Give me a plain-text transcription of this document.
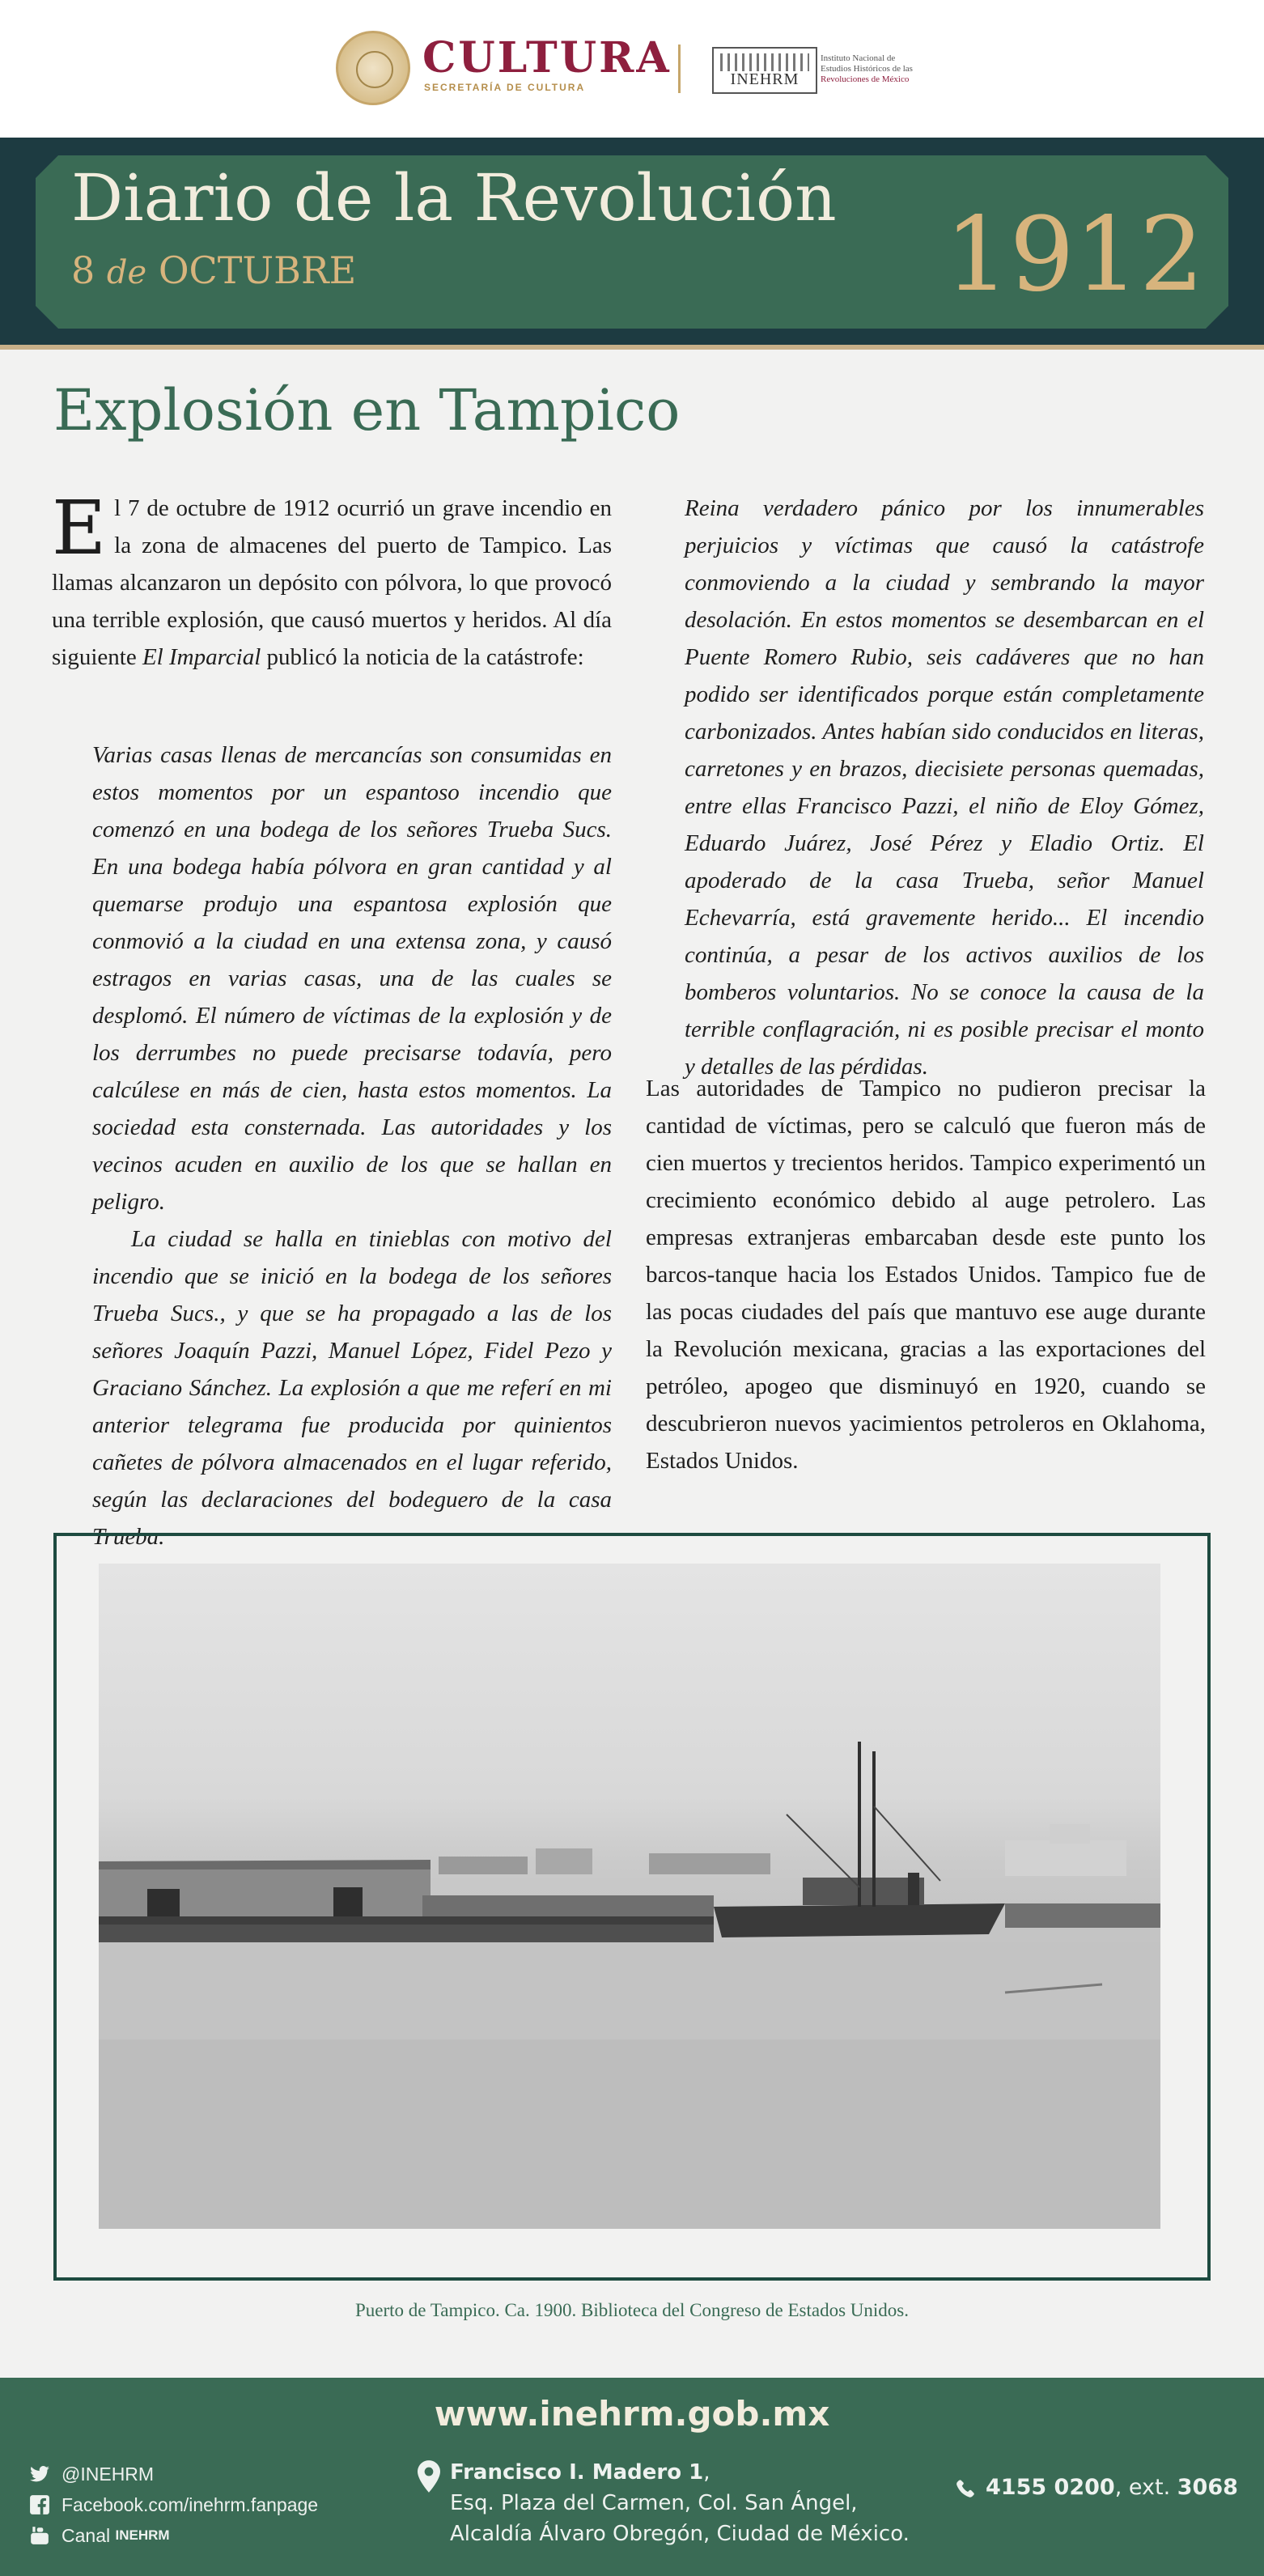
CULTURA
SECRETARÍA DE CULTURA	INEHRM
Instituto Nacional de
Estudios Históricos de las
Revoluciones de México
Diario de la Revolución
8 de OCTUBRE	1912
Explosión en Tampico

El 7 de octubre de 1912 ocurrió un grave incendio en la zona de almacenes del puerto de Tampico. Las llamas alcanzaron un depósito con pólvora, lo que provocó una terrible explosión, que causó muertos y heridos. Al día siguiente El Imparcial publicó la noticia de la catástrofe:

Varias casas llenas de mercancías son consumidas en estos momentos por un espantoso incendio que comenzó en una bodega de los señores Trueba Sucs. En una bodega había pólvora en gran cantidad y al quemarse produjo una espantosa explosión que conmovió a la ciudad en una extensa zona, y causó estragos en varias casas, una de las cuales se desplomó. El número de víctimas de la explosión y de los derrumbes no puede precisarse todavía, pero calcúlese en más de cien, hasta estos momentos. La sociedad esta consternada. Las autoridades y los vecinos acuden en auxilio de los que se hallan en peligro.

La ciudad se halla en tinieblas con motivo del incendio que se inició en la bodega de los señores Trueba Sucs., y que se ha propagado a las de los señores Joaquín Pazzi, Manuel López, Fidel Pezo y Graciano Sánchez. La explosión a que me referí en mi anterior telegrama fue producida por quinientos cañetes de pólvora almacenados en el lugar referido, según las declaraciones del bodeguero de la casa Trueba.

Reina verdadero pánico por los innumerables perjuicios y víctimas que causó la catástrofe conmoviendo a la ciudad y sembrando la mayor desolación. En estos momentos se desembarcan en el Puente Romero Rubio, seis cadáveres que no han podido ser identificados porque están completamente carbonizados. Antes habían sido conducidos en literas, carretones y en brazos, diecisiete personas quemadas, entre ellas Francisco Pazzi, el niño de Eloy Gómez, Eduardo Juárez, José Pérez y Eladio Ortiz. El apoderado de la casa Trueba, señor Manuel Echevarría, está gravemente herido... El incendio continúa, a pesar de los activos auxilios de los bomberos voluntarios. No se conoce la causa de la terrible conflagración, ni es posible precisar el monto y detalles de las pérdidas.

Las autoridades de Tampico no pudieron precisar la cantidad de víctimas, pero se calculó que fueron más de cien muertos y trecientos heridos. Tampico experimentó un crecimiento económico debido al auge petrolero. Las empresas extranjeras embarcaban desde este punto los barcos-tanque hacia los Estados Unidos. Tampico fue de las pocas ciudades del país que mantuvo ese auge durante la Revolución mexicana, gracias a las exportaciones del petróleo, apogeo que disminuyó en 1920, cuando se descubrieron nuevos yacimientos petroleros en Oklahoma, Estados Unidos.

Puerto de Tampico. Ca. 1900. Biblioteca del Congreso de Estados Unidos.
www.inehrm.gob.mx
@INEHRM
Facebook.com/inehrm.fanpage
Canal
INEHRM
Francisco I. Madero 1,
Esq. Plaza del Carmen, Col. San Ángel,
Alcaldía Álvaro Obregón, Ciudad de México.
4155 0200, ext. 3068
